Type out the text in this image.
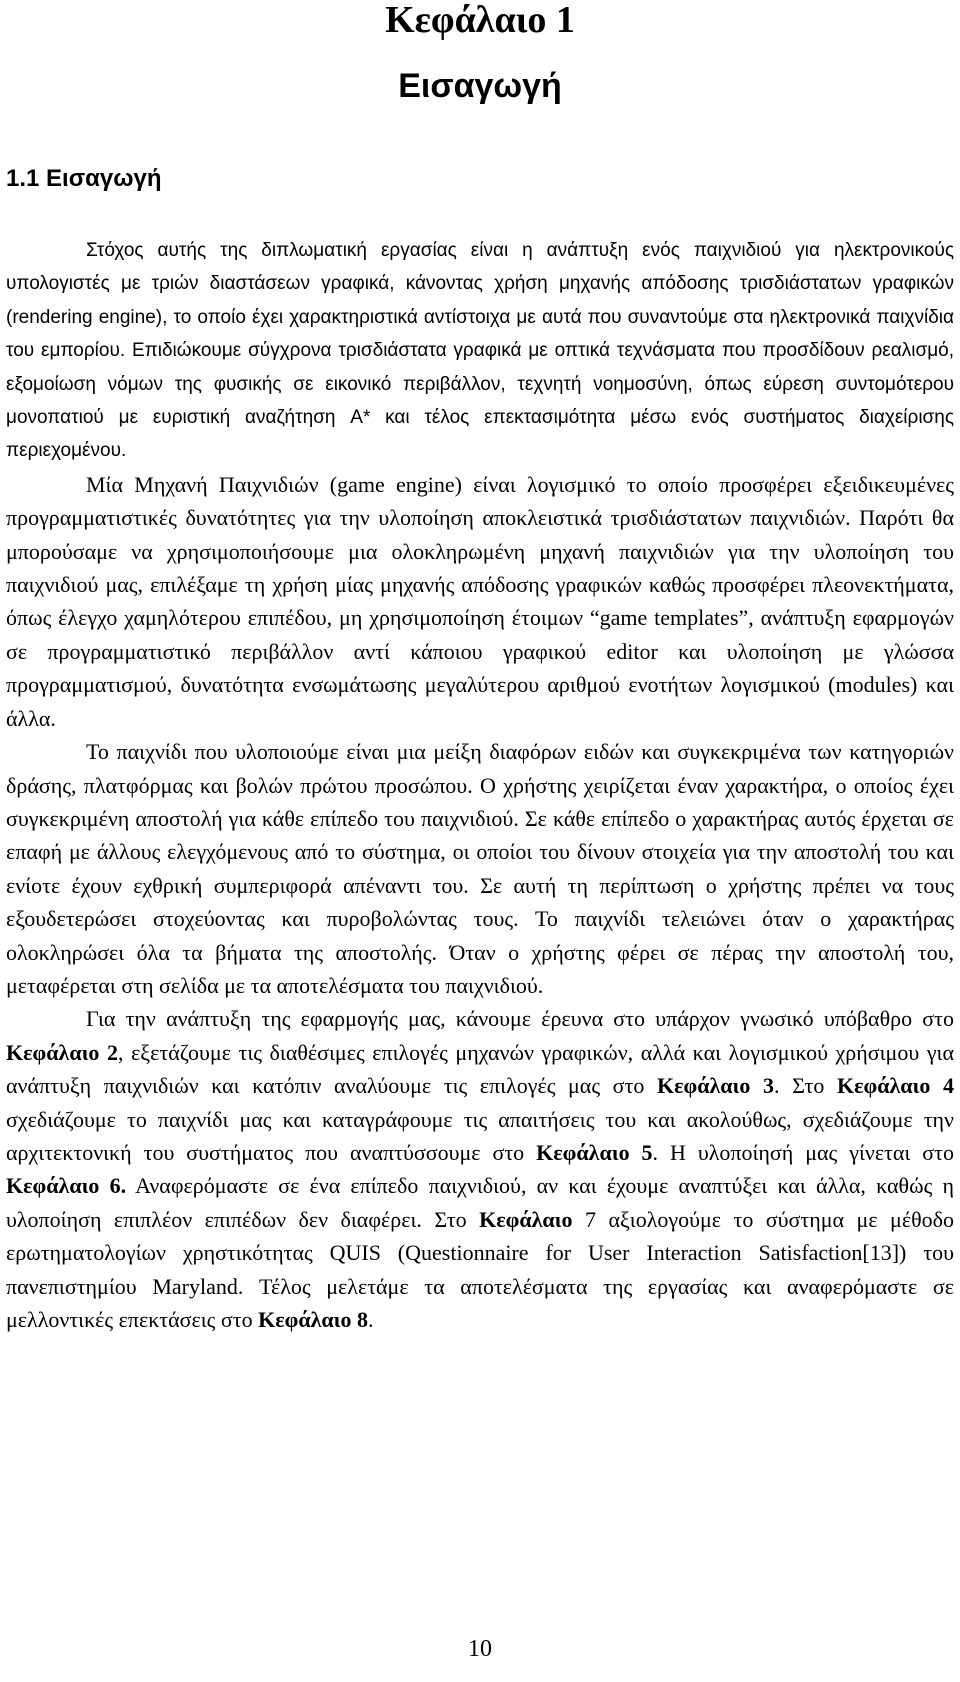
Κεφάλαιο 1
Εισαγωγή
1.1 Εισαγωγή

Στόχος αυτής της διπλωματική εργασίας είναι η ανάπτυξη ενός παιχνιδιού για ηλεκτρονικούς υπολογιστές με τριών διαστάσεων γραφικά, κάνοντας χρήση μηχανής απόδοσης τρισδιάστατων γραφικών (rendering engine), το οποίο έχει χαρακτηριστικά αντίστοιχα με αυτά που συναντούμε στα ηλεκτρονικά παιχνίδια του εμπορίου. Επιδιώκουμε σύγχρονα τρισδιάστατα γραφικά με οπτικά τεχνάσματα που προσδίδουν ρεαλισμό, εξομοίωση νόμων της φυσικής σε εικονικό περιβάλλον, τεχνητή νοημοσύνη, όπως εύρεση συντομότερου μονοπατιού με ευριστική αναζήτηση A* και τέλος επεκτασιμότητα μέσω ενός συστήματος διαχείρισης περιεχομένου.

Μία Μηχανή Παιχνιδιών (game engine) είναι λογισμικό το οποίο προσφέρει εξειδικευμένες προγραμματιστικές δυνατότητες για την υλοποίηση αποκλειστικά τρισδιάστατων παιχνιδιών. Παρότι θα μπορούσαμε να χρησιμοποιήσουμε μια ολοκληρωμένη μηχανή παιχνιδιών για την υλοποίηση του παιχνιδιού μας, επιλέξαμε τη χρήση μίας μηχανής απόδοσης γραφικών καθώς προσφέρει πλεονεκτήματα, όπως έλεγχο χαμηλότερου επιπέδου, μη χρησιμοποίηση έτοιμων “game templates”, ανάπτυξη εφαρμογών σε προγραμματιστικό περιβάλλον αντί κάποιου γραφικού editor και υλοποίηση με γλώσσα προγραμματισμού, δυνατότητα ενσωμάτωσης μεγαλύτερου αριθμού ενοτήτων λογισμικού (modules) και άλλα.

Το παιχνίδι που υλοποιούμε είναι μια μείξη διαφόρων ειδών και συγκεκριμένα των κατηγοριών δράσης, πλατφόρμας και βολών πρώτου προσώπου. Ο χρήστης χειρίζεται έναν χαρακτήρα, ο οποίος έχει συγκεκριμένη αποστολή για κάθε επίπεδο του παιχνιδιού. Σε κάθε επίπεδο ο χαρακτήρας αυτός έρχεται σε επαφή με άλλους ελεγχόμενους από το σύστημα, οι οποίοι του δίνουν στοιχεία για την αποστολή του και ενίοτε έχουν εχθρική συμπεριφορά απέναντι του. Σε αυτή τη περίπτωση ο χρήστης πρέπει να τους εξουδετερώσει στοχεύοντας και πυροβολώντας τους. Το παιχνίδι τελειώνει όταν ο χαρακτήρας ολοκληρώσει όλα τα βήματα της αποστολής. Όταν ο χρήστης φέρει σε πέρας την αποστολή του, μεταφέρεται στη σελίδα με τα αποτελέσματα του παιχνιδιού.

Για την ανάπτυξη της εφαρμογής μας, κάνουμε έρευνα στο υπάρχον γνωσικό υπόβαθρο στο Κεφάλαιο 2, εξετάζουμε τις διαθέσιμες επιλογές μηχανών γραφικών, αλλά και λογισμικού χρήσιμου για ανάπτυξη παιχνιδιών και κατόπιν αναλύουμε τις επιλογές μας στο Κεφάλαιο 3. Στο Κεφάλαιο 4 σχεδιάζουμε το παιχνίδι μας και καταγράφουμε τις απαιτήσεις του και ακολούθως, σχεδιάζουμε την αρχιτεκτονική του συστήματος που αναπτύσσουμε στο Κεφάλαιο 5. Η υλοποίησή μας γίνεται στο Κεφάλαιο 6. Αναφερόμαστε σε ένα επίπεδο παιχνιδιού, αν και έχουμε αναπτύξει και άλλα, καθώς η υλοποίηση επιπλέον επιπέδων δεν διαφέρει. Στο Κεφάλαιο 7 αξιολογούμε το σύστημα με μέθοδο ερωτηματολογίων χρηστικότητας QUIS (Questionnaire for User Interaction Satisfaction[13]) του πανεπιστημίου Maryland. Τέλος μελετάμε τα αποτελέσματα της εργασίας και αναφερόμαστε σε μελλοντικές επεκτάσεις στο Κεφάλαιο 8.

10
